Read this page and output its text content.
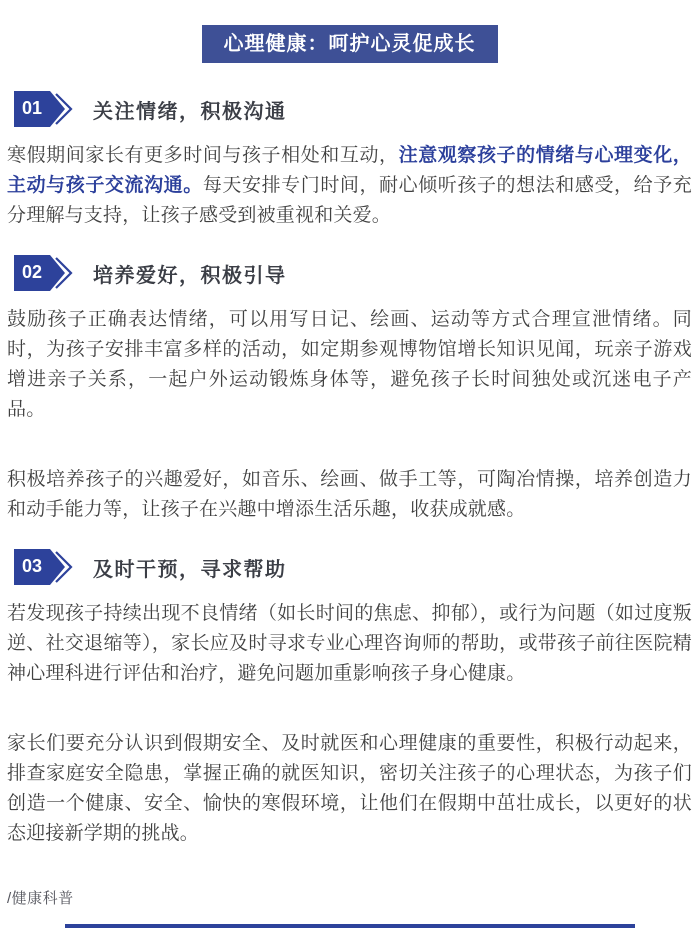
心理健康：呵护心灵促成长
01	关注情绪，积极沟通

寒假期间家长有更多时间与孩子相处和互动，注意观察孩子的情绪与心理变化，主动与孩子交流沟通。每天安排专门时间，耐心倾听孩子的想法和感受，给予充分理解与支持，让孩子感受到被重视和关爱。

02	培养爱好，积极引导

鼓励孩子正确表达情绪，可以用写日记、绘画、运动等方式合理宣泄情绪。同时，为孩子安排丰富多样的活动，如定期参观博物馆增长知识见闻，玩亲子游戏增进亲子关系，一起户外运动锻炼身体等，避免孩子长时间独处或沉迷电子产品。

积极培养孩子的兴趣爱好，如音乐、绘画、做手工等，可陶冶情操，培养创造力和动手能力等，让孩子在兴趣中增添生活乐趣，收获成就感。

03	及时干预，寻求帮助

若发现孩子持续出现不良情绪（如长时间的焦虑、抑郁），或行为问题（如过度叛逆、社交退缩等），家长应及时寻求专业心理咨询师的帮助，或带孩子前往医院精神心理科进行评估和治疗，避免问题加重影响孩子身心健康。

家长们要充分认识到假期安全、及时就医和心理健康的重要性，积极行动起来，排查家庭安全隐患，掌握正确的就医知识，密切关注孩子的心理状态，为孩子们创造一个健康、安全、愉快的寒假环境，让他们在假期中茁壮成长，以更好的状态迎接新学期的挑战。

/健康科普
